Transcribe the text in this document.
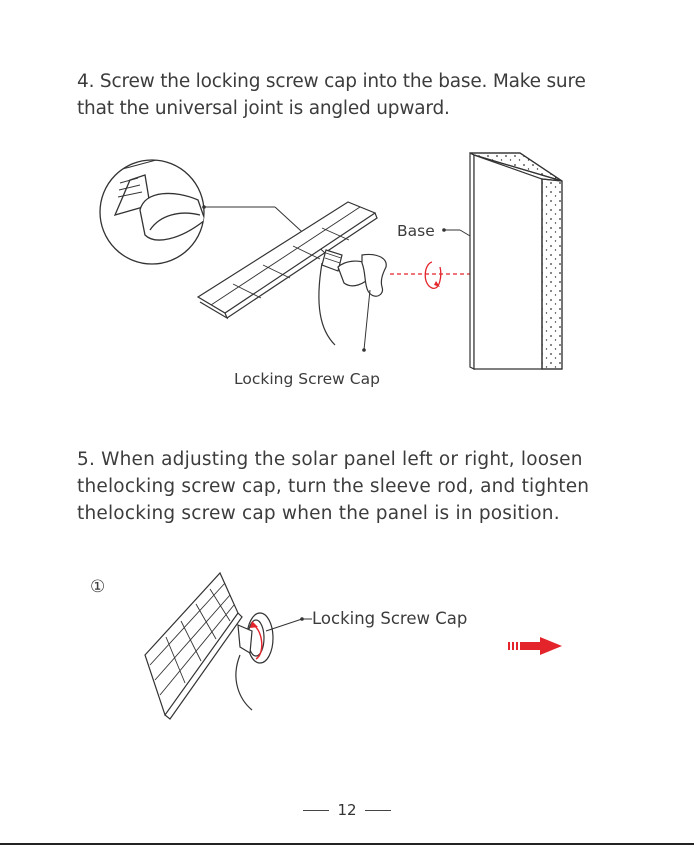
4. Screw the locking screw cap into the base. Make sure that the universal joint is angled upward.

Base
Locking Screw Cap

5. When adjusting the solar panel left or right, loosen thelocking screw cap, turn the sleeve rod, and tighten thelocking screw cap when the panel is in position.

①
Locking Screw Cap
12
